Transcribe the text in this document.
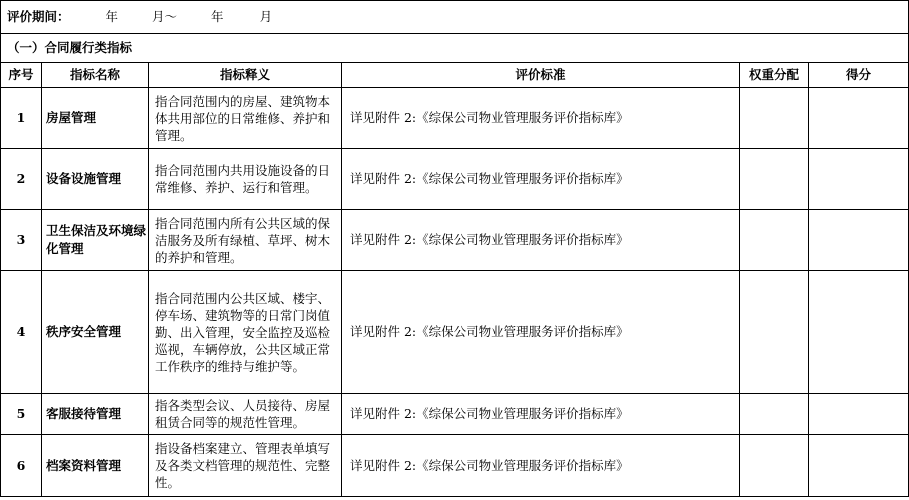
评价期间： 年 月～ 年 月					
（一）合同履行类指标					
序号	指标名称	指标释义	评价标准	权重分配	得分
1	房屋管理	指合同范围内的房屋、建筑物本体共用部位的日常维修、养护和管理。	详见附件 2:《综保公司物业管理服务评价指标库》		
2	设备设施管理	指合同范围内共用设施设备的日常维修、养护、运行和管理。	详见附件 2:《综保公司物业管理服务评价指标库》		
3	卫生保洁及环境绿化管理	指合同范围内所有公共区域的保洁服务及所有绿植、草坪、树木的养护和管理。	详见附件 2:《综保公司物业管理服务评价指标库》		
4	秩序安全管理	指合同范围内公共区域、楼宇、停车场、建筑物等的日常门岗值勤、出入管理，安全监控及巡检巡视，车辆停放，公共区域正常工作秩序的维持与维护等。	详见附件 2:《综保公司物业管理服务评价指标库》		
5	客服接待管理	指各类型会议、人员接待、房屋租赁合同等的规范性管理。	详见附件 2:《综保公司物业管理服务评价指标库》		
6	档案资料管理	指设备档案建立、管理表单填写及各类文档管理的规范性、完整性。	详见附件 2:《综保公司物业管理服务评价指标库》		
